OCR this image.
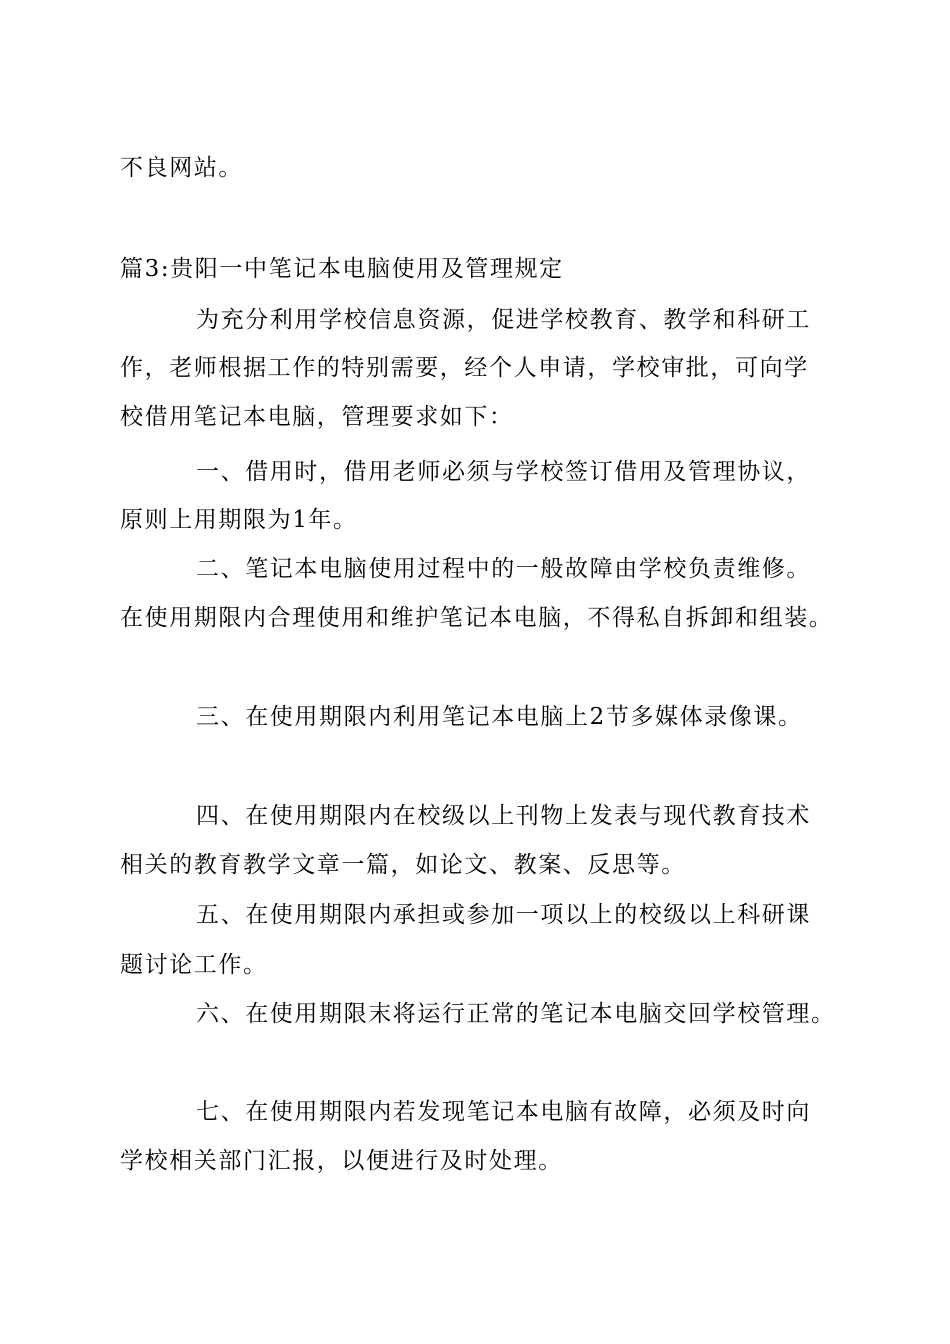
不良网站。
篇3:贵阳一中笔记本电脑使用及管理规定
为充分利用学校信息资源，促进学校教育、教学和科研工
作，老师根据工作的特别需要，经个人申请，学校审批，可向学
校借用笔记本电脑，管理要求如下：
一、借用时，借用老师必须与学校签订借用及管理协议，
原则上用期限为1年。
二、笔记本电脑使用过程中的一般故障由学校负责维修。
在使用期限内合理使用和维护笔记本电脑，不得私自拆卸和组装。
三、在使用期限内利用笔记本电脑上2节多媒体录像课。
四、在使用期限内在校级以上刊物上发表与现代教育技术
相关的教育教学文章一篇，如论文、教案、反思等。
五、在使用期限内承担或参加一项以上的校级以上科研课
题讨论工作。
六、在使用期限末将运行正常的笔记本电脑交回学校管理。
七、在使用期限内若发现笔记本电脑有故障，必须及时向
学校相关部门汇报，以便进行及时处理。
